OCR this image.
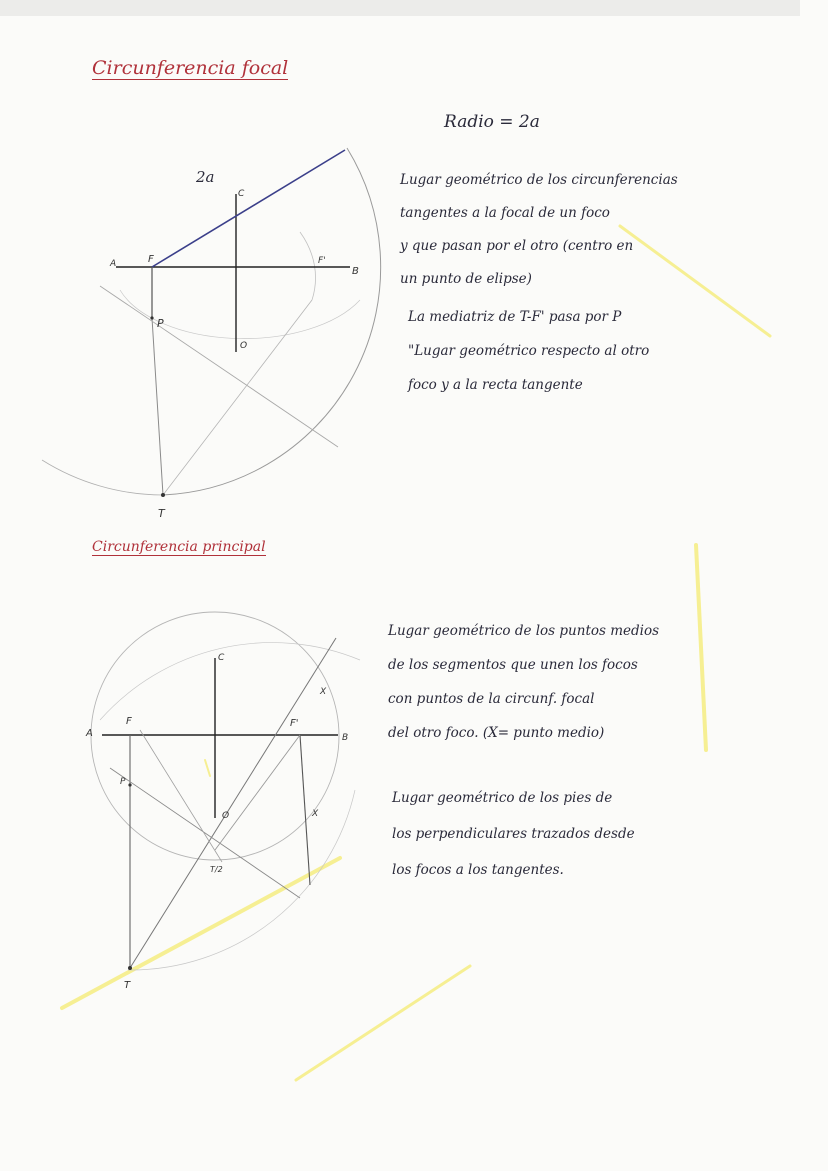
Circunferencia focal
Radio = 2a
Lugar geométrico de los circunferencias
tangentes a la focal de un foco
y que pasan por el otro (centro en
un punto de elipse)
La mediatriz de T-F' pasa por P
"Lugar geométrico respecto al otro
foco y a la recta tangente
2a
C
A	F	F'
B
P
O
T
C
A
F	F'
B
P
O
T
X
X
T/2
Circunferencia principal
Lugar geométrico de los puntos medios
de los segmentos que unen los focos
con puntos de la circunf. focal
del otro foco. (X= punto medio)
Lugar geométrico de los pies de
los perpendiculares trazados desde
los focos a los tangentes.
